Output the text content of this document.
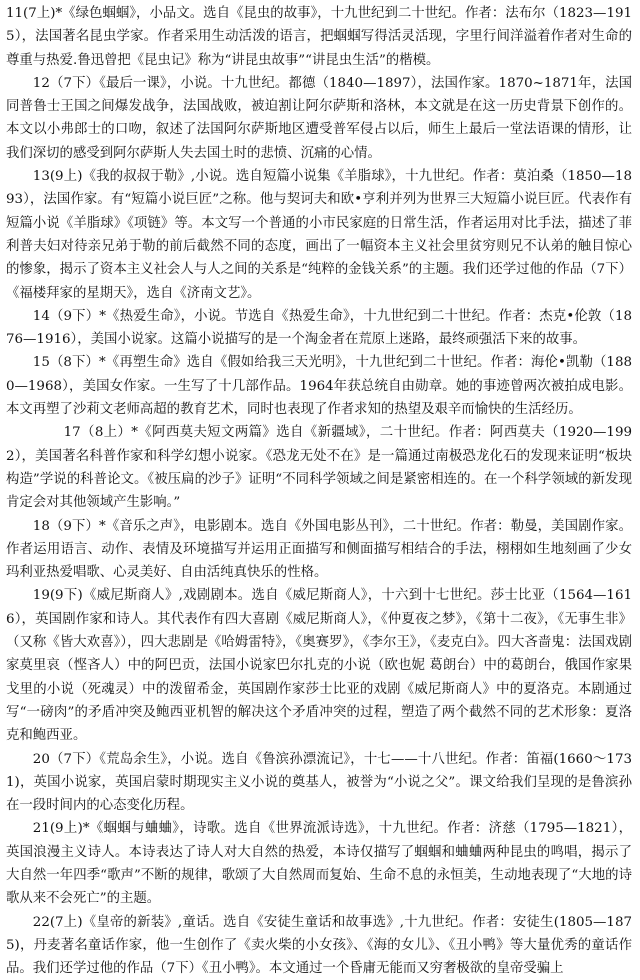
11(7上)*《绿色蝈蝈》，小品文。选自《昆虫的故事》，十九世纪到二十世纪。作者：法布尔（1823—1915），法国著名昆虫学家。作者采用生动活泼的语言，把蝈蝈写得活灵活现，字里行间洋溢着作者对生命的尊重与热爱.鲁迅曾把《昆虫记》称为“讲昆虫故事”“讲昆虫生活”的楷模。

12（7下）《最后一课》，小说。十九世纪。都德（1840—1897），法国作家。1870~1871年，法国同普鲁士王国之间爆发战争，法国战败，被迫割让阿尔萨斯和洛林，本文就是在这一历史背景下创作的。本文以小弗郎士的口吻，叙述了法国阿尔萨斯地区遭受普军侵占以后，师生上最后一堂法语课的情形，让我们深切的感受到阿尔萨斯人失去国土时的悲愤、沉痛的心情。

13(9上)《我的叔叔于勒》,小说。选自短篇小说集《羊脂球》，十九世纪。作者：莫泊桑（1850—1893），法国作家。有“短篇小说巨匠”之称。他与契诃夫和欧•亨利并列为世界三大短篇小说巨匠。代表作有短篇小说《羊脂球》《项链》等。本文写一个普通的小市民家庭的日常生活，作者运用对比手法，描述了菲利普夫妇对待亲兄弟于勒的前后截然不同的态度，画出了一幅资本主义社会里贫穷则兄不认弟的触目惊心的惨象，揭示了资本主义社会人与人之间的关系是“纯粹的金钱关系”的主题。我们还学过他的作品（7下）《福楼拜家的星期天》，选自《济南文艺》。

14（9下）*《热爱生命》，小说。节选自《热爱生命》，十九世纪到二十世纪。作者：杰克•伦敦（1876—1916），美国小说家。这篇小说描写的是一个淘金者在荒原上迷路，最终顽强活下来的故事。

15（8下）*《再塑生命》选自《假如给我三天光明》，十九世纪到二十世纪。作者：海伦•凯勒（1880—1968），美国女作家。一生写了十几部作品。1964年获总统自由勋章。她的事迹曾两次被拍成电影。本文再塑了沙莉文老师高超的教育艺术，同时也表现了作者求知的热望及艰辛而愉快的生活经历。

17（8上）*《阿西莫夫短文两篇》选自《新疆域》，二十世纪。作者：阿西莫夫（1920—1992），美国著名科普作家和科学幻想小说家。《恐龙无处不在》是一篇通过南极恐龙化石的发现来证明“板块构造”学说的科普论文。《被压扁的沙子》证明“不同科学领域之间是紧密相连的。在一个科学领域的新发现肯定会对其他领域产生影响。”

18（9下）*《音乐之声》，电影剧本。选自《外国电影丛刊》，二十世纪。作者：勒曼，美国剧作家。作者运用语言、动作、表情及环境描写并运用正面描写和侧面描写相结合的手法，栩栩如生地刻画了少女玛利亚热爱唱歌、心灵美好、自由活纯真快乐的性格。

19(9下)《威尼斯商人》,戏剧剧本。选自《威尼斯商人》，十六到十七世纪。莎士比亚（1564—1616），英国剧作家和诗人。其代表作有四大喜剧《威尼斯商人》，《仲夏夜之梦》，《第十二夜》，《无事生非》（又称《皆大欢喜》），四大悲剧是《哈姆雷特》，《奥赛罗》，《李尔王》，《麦克白》。四大吝啬鬼：法国戏剧家莫里哀（悭吝人）中的阿巴贡，法国小说家巴尔扎克的小说（欧也妮 葛朗台）中的葛朗台，俄国作家果戈里的小说（死魂灵）中的泼留希金，英国剧作家莎士比亚的戏剧《威尼斯商人》中的夏洛克。本剧通过写“一磅肉”的矛盾冲突及鲍西亚机智的解决这个矛盾冲突的过程，塑造了两个截然不同的艺术形象：夏洛克和鲍西亚。

20（7下）《荒岛余生》，小说。选自《鲁滨孙漂流记》，十七——十八世纪。作者：笛福(1660～1731)，英国小说家，英国启蒙时期现实主义小说的奠基人，被誉为“小说之父”。课文给我们呈现的是鲁滨孙在一段时间内的心态变化历程。

21(9上)*《蝈蝈与蛐蛐》，诗歌。选自《世界流派诗选》，十九世纪。作者：济慈（1795—1821），英国浪漫主义诗人。本诗表达了诗人对大自然的热爱，本诗仅描写了蝈蝈和蛐蛐两种昆虫的鸣唱，揭示了大自然一年四季“歌声”不断的规律，歌颂了大自然周而复始、生命不息的永恒美，生动地表现了“大地的诗歌从来不会死亡”的主题。

22(7上)《皇帝的新装》,童话。选自《安徒生童话和故事选》,十九世纪。作者：安徒生(1805—1875)，丹麦著名童话作家，他一生创作了《卖火柴的小女孩》、《海的女儿》、《丑小鸭》等大量优秀的童话作品。我们还学过他的作品（7下）《丑小鸭》。本文通过一个昏庸无能而又穷奢极欲的皇帝受骗上
